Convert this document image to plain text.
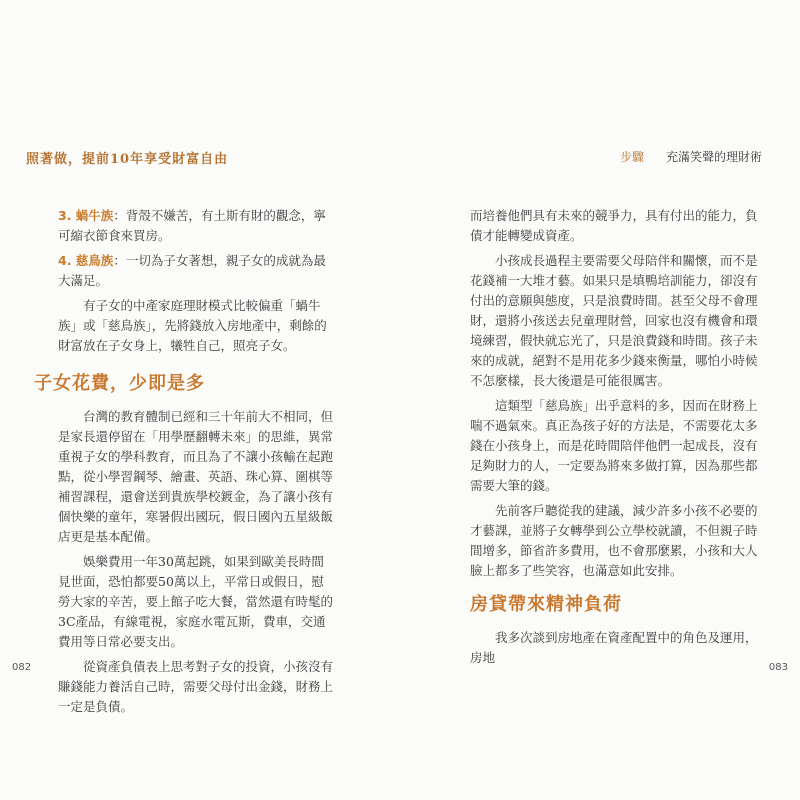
照著做，提前10年享受財富自由	步驟 充滿笑聲的理財術

3. 蝸牛族：背殼不嫌苦，有土斯有財的觀念，寧可縮衣節食來買房。

4. 慈鳥族：一切為子女著想，親子女的成就為最大滿足。

有子女的中產家庭理財模式比較偏重「蝸牛族」或「慈鳥族」，先將錢放入房地產中，剩餘的財富放在子女身上，犧牲自己，照亮子女。

子女花費，少即是多

台灣的教育體制已經和三十年前大不相同，但是家長還停留在「用學歷翻轉未來」的思維，異常重視子女的學科教育，而且為了不讓小孩輸在起跑點，從小學習鋼琴、繪畫、英語、珠心算、圍棋等補習課程，還會送到貴族學校鍍金，為了讓小孩有個快樂的童年，寒暑假出國玩，假日國內五星級飯店更是基本配備。

娛樂費用一年30萬起跳，如果到歐美長時間見世面，恐怕都要50萬以上，平常日或假日，慰勞大家的辛苦，要上館子吃大餐，當然還有時髦的3C產品，有線電視，家庭水電瓦斯，費車，交通費用等日常必要支出。

從資產負債表上思考對子女的投資，小孩沒有賺錢能力養活自己時，需要父母付出金錢，財務上一定是負債。

而培養他們具有未來的競爭力，具有付出的能力，負債才能轉變成資產。

小孩成長過程主要需要父母陪伴和關懷，而不是花錢補一大堆才藝。如果只是填鴨培訓能力，卻沒有付出的意願與態度，只是浪費時間。甚至父母不會理財，還將小孩送去兒童理財營，回家也沒有機會和環境練習，假快就忘光了，只是浪費錢和時間。孩子未來的成就，絕對不是用花多少錢來衡量，哪怕小時候不怎麼樣，長大後還是可能很厲害。

這類型「慈鳥族」出乎意料的多，因而在財務上喘不過氣來。真正為孩子好的方法是，不需要花太多錢在小孩身上，而是花時間陪伴他們一起成長，沒有足夠財力的人，一定要為將來多做打算，因為那些都需要大筆的錢。

先前客戶聽從我的建議，減少許多小孩不必要的才藝課，並將子女轉學到公立學校就讀，不但親子時間增多，節省許多費用，也不會那麼累，小孩和大人臉上都多了些笑容，也滿意如此安排。

房貸帶來精神負荷

我多次談到房地產在資產配置中的角色及運用，房地

082	083
